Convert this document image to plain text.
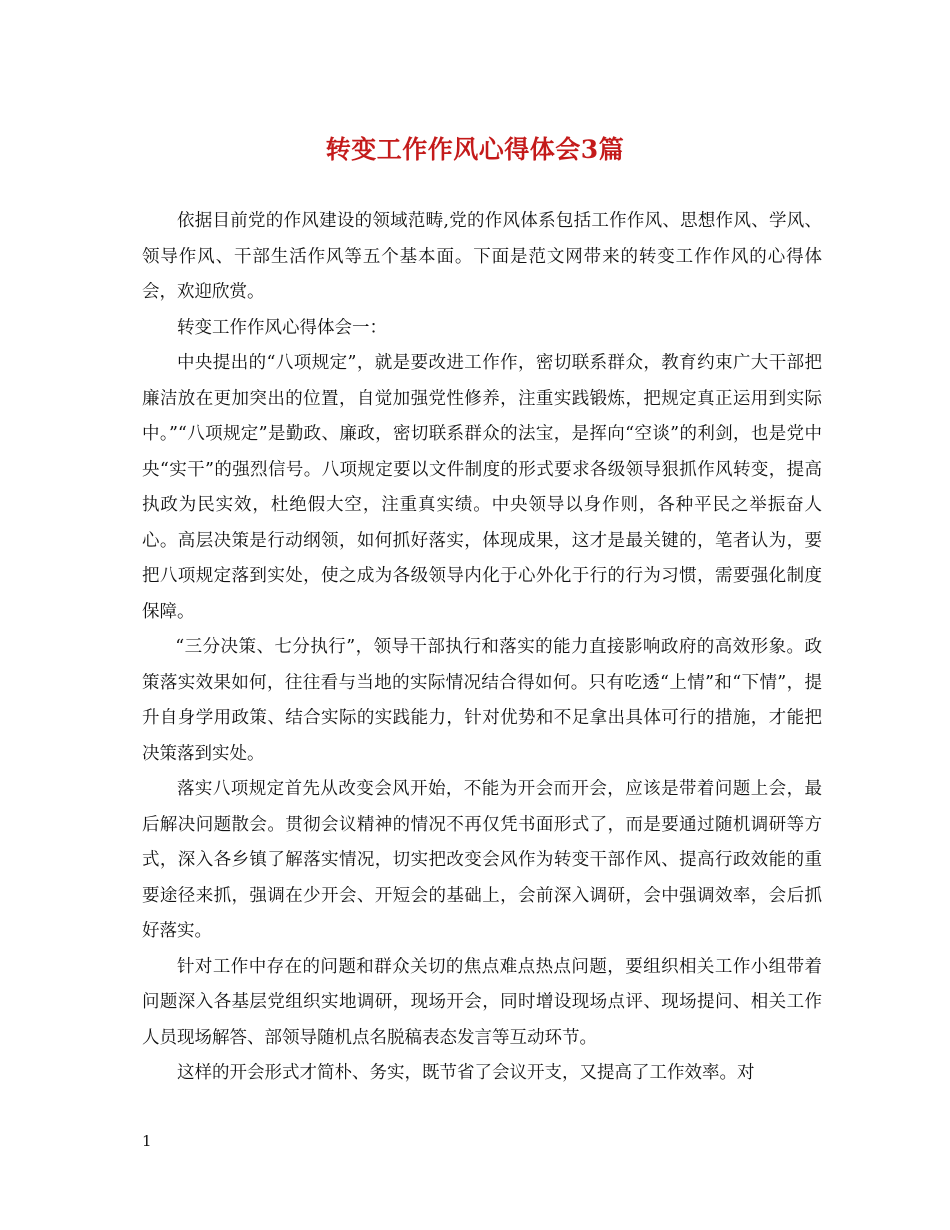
转变工作作风心得体会3篇

依据目前党的作风建设的领域范畴,党的作风体系包括工作作风、思想作风、学风、领导作风、干部生活作风等五个基本面。下面是范文网带来的转变工作作风的心得体会，欢迎欣赏。

转变工作作风心得体会一：

中央提出的“八项规定”，就是要改进工作作，密切联系群众，教育约束广大干部把廉洁放在更加突出的位置，自觉加强党性修养，注重实践锻炼，把规定真正运用到实际中。”“八项规定”是勤政、廉政，密切联系群众的法宝，是挥向“空谈”的利剑，也是党中央“实干”的强烈信号。八项规定要以文件制度的形式要求各级领导狠抓作风转变，提高执政为民实效，杜绝假大空，注重真实绩。中央领导以身作则，各种平民之举振奋人心。高层决策是行动纲领，如何抓好落实，体现成果，这才是最关键的，笔者认为，要把八项规定落到实处，使之成为各级领导内化于心外化于行的行为习惯，需要强化制度保障。

“三分决策、七分执行”，领导干部执行和落实的能力直接影响政府的高效形象。政策落实效果如何，往往看与当地的实际情况结合得如何。只有吃透“上情”和“下情”，提升自身学用政策、结合实际的实践能力，针对优势和不足拿出具体可行的措施，才能把决策落到实处。

落实八项规定首先从改变会风开始，不能为开会而开会，应该是带着问题上会，最后解决问题散会。贯彻会议精神的情况不再仅凭书面形式了，而是要通过随机调研等方式，深入各乡镇了解落实情况，切实把改变会风作为转变干部作风、提高行政效能的重要途径来抓，强调在少开会、开短会的基础上，会前深入调研，会中强调效率，会后抓好落实。

针对工作中存在的问题和群众关切的焦点难点热点问题，要组织相关工作小组带着问题深入各基层党组织实地调研，现场开会，同时增设现场点评、现场提问、相关工作人员现场解答、部领导随机点名脱稿表态发言等互动环节。

这样的开会形式才简朴、务实，既节省了会议开支，又提高了工作效率。对

1
